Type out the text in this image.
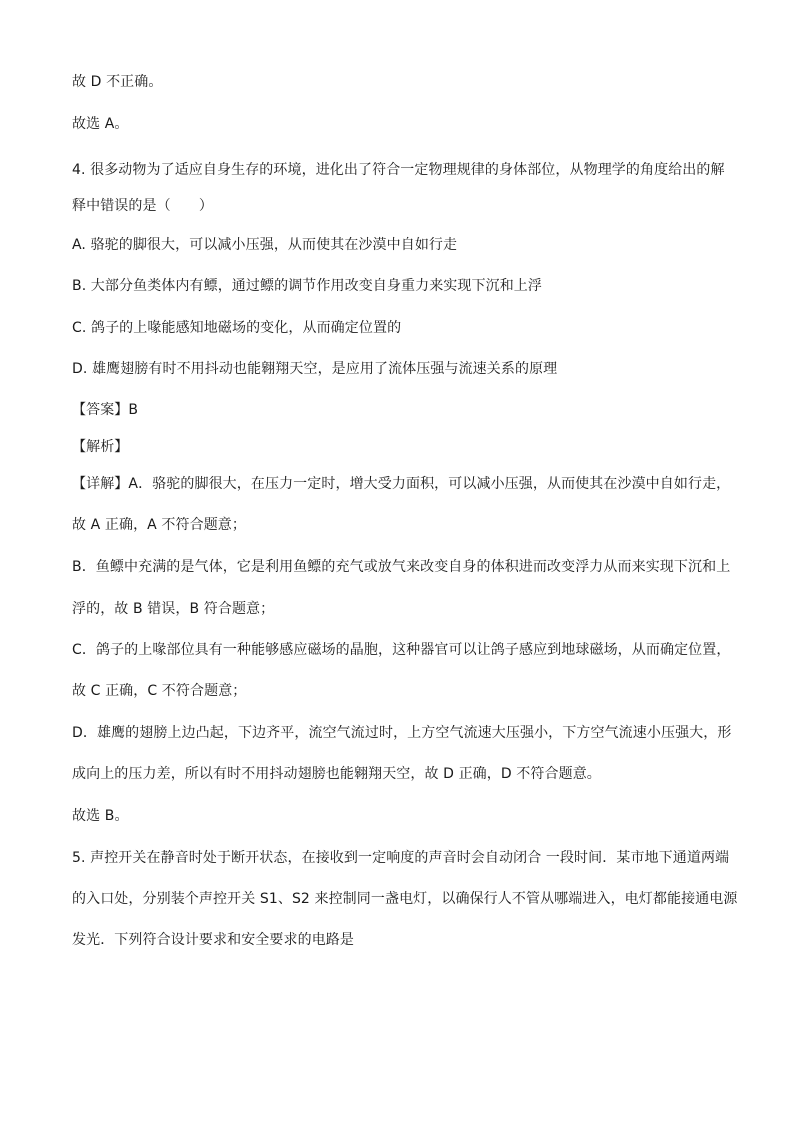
故 D 不正确。
故选 A。
4. 很多动物为了适应自身生存的环境，进化出了符合一定物理规律的身体部位，从物理学的角度给出的解
释中错误的是（　　）
A. 骆驼的脚很大，可以减小压强，从而使其在沙漠中自如行走
B. 大部分鱼类体内有鳔，通过鳔的调节作用改变自身重力来实现下沉和上浮
C. 鸽子的上喙能感知地磁场的变化，从而确定位置的
D. 雄鹰翅膀有时不用抖动也能翱翔天空，是应用了流体压强与流速关系的原理
【答案】B
【解析】
【详解】A．骆驼的脚很大，在压力一定时，增大受力面积，可以减小压强，从而使其在沙漠中自如行走，
故 A 正确，A 不符合题意；
B．鱼鳔中充满的是气体，它是利用鱼鳔的充气或放气来改变自身的体积进而改变浮力从而来实现下沉和上
浮的，故 B 错误，B 符合题意；
C．鸽子的上喙部位具有一种能够感应磁场的晶胞，这种器官可以让鸽子感应到地球磁场，从而确定位置，
故 C 正确，C 不符合题意；
D．雄鹰的翅膀上边凸起，下边齐平，流空气流过时，上方空气流速大压强小，下方空气流速小压强大，形
成向上的压力差，所以有时不用抖动翅膀也能翱翔天空，故 D 正确，D 不符合题意。
故选 B。
5. 声控开关在静音时处于断开状态，在接收到一定响度的声音时会自动闭合 一段时间．某市地下通道两端
的入口处，分别装个声控开关 S1、S2 来控制同一盏电灯，以确保行人不管从哪端进入，电灯都能接通电源
发光．下列符合设计要求和安全要求的电路是
